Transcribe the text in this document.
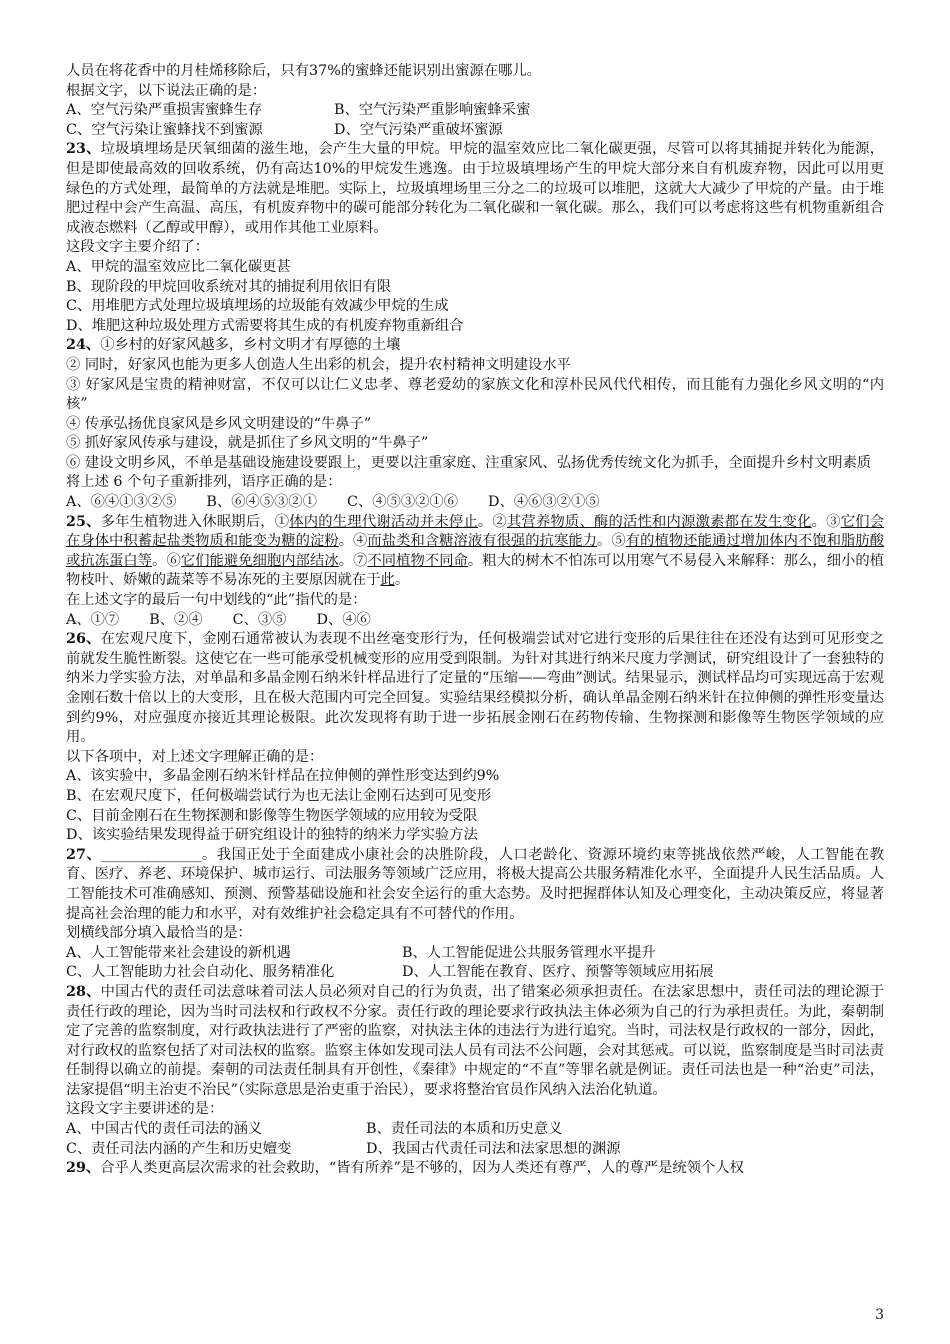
人员在将花香中的月桂烯移除后，只有37%的蜜蜂还能识别出蜜源在哪儿。
根据文字，以下说法正确的是：
A、空气污染严重损害蜜蜂生存	B、空气污染严重影响蜜蜂采蜜
C、空气污染让蜜蜂找不到蜜源	D、空气污染严重破坏蜜源
23、垃圾填埋场是厌氧细菌的滋生地，会产生大量的甲烷。甲烷的温室效应比二氧化碳更强，尽管可以将其捕捉并转化为能源，但是即使最高效的回收系统，仍有高达10%的甲烷发生逃逸。由于垃圾填埋场产生的甲烷大部分来自有机废弃物，因此可以用更绿色的方式处理，最简单的方法就是堆肥。实际上，垃圾填埋场里三分之二的垃圾可以堆肥，这就大大减少了甲烷的产量。由于堆肥过程中会产生高温、高压，有机废弃物中的碳可能部分转化为二氧化碳和一氧化碳。那么，我们可以考虑将这些有机物重新组合成液态燃料（乙醇或甲醇），或用作其他工业原料。
这段文字主要介绍了：
A、甲烷的温室效应比二氧化碳更甚
B、现阶段的甲烷回收系统对其的捕捉利用依旧有限
C、用堆肥方式处理垃圾填埋场的垃圾能有效减少甲烷的生成
D、堆肥这种垃圾处理方式需要将其生成的有机废弃物重新组合
24、①乡村的好家风越多，乡村文明才有厚德的土壤
② 同时，好家风也能为更多人创造人生出彩的机会，提升农村精神文明建设水平
③ 好家风是宝贵的精神财富，不仅可以让仁义忠孝、尊老爱幼的家族文化和淳朴民风代代相传，而且能有力强化乡风文明的“内核”
④ 传承弘扬优良家风是乡风文明建设的“牛鼻子”
⑤ 抓好家风传承与建设，就是抓住了乡风文明的“牛鼻子”
⑥ 建设文明乡风，不单是基础设施建设要跟上，更要以注重家庭、注重家风、弘扬优秀传统文化为抓手，全面提升乡村文明素质
将上述 6 个句子重新排列，语序正确的是：
A、⑥④①③②⑤ B、⑥④⑤③②① C、④⑤③②①⑥ D、④⑥③②①⑤
25、多年生植物进入休眠期后，①体内的生理代谢活动并未停止。②其营养物质、酶的活性和内源激素都在发生变化。③它们会在身体中积蓄起盐类物质和能变为糖的淀粉。④而盐类和含糖溶液有很强的抗寒能力。⑤有的植物还能通过增加体内不饱和脂肪酸或抗冻蛋白等。⑥它们能避免细胞内部结冰。⑦不同植物不同命。粗大的树木不怕冻可以用寒气不易侵入来解释：那么，细小的植物枝叶、娇嫩的蔬菜等不易冻死的主要原因就在于此。
在上述文字的最后一句中划线的“此”指代的是：
A、①⑦ B、②④ C、③⑤ D、④⑥
26、在宏观尺度下，金刚石通常被认为表现不出丝毫变形行为，任何极端尝试对它进行变形的后果往往在还没有达到可见形变之前就发生脆性断裂。这使它在一些可能承受机械变形的应用受到限制。为针对其进行纳米尺度力学测试，研究组设计了一套独特的纳米力学实验方法，对单晶和多晶金刚石纳米针样品进行了定量的“压缩——弯曲”测试。结果显示，测试样品均可实现远高于宏观金刚石数十倍以上的大变形，且在极大范围内可完全回复。实验结果经模拟分析，确认单晶金刚石纳米针在拉伸侧的弹性形变量达到约9%，对应强度亦接近其理论极限。此次发现将有助于进一步拓展金刚石在药物传输、生物探测和影像等生物医学领域的应用。
以下各项中，对上述文字理解正确的是：
A、该实验中，多晶金刚石纳米针样品在拉伸侧的弹性形变达到约9%
B、在宏观尺度下，任何极端尝试行为也无法让金刚石达到可见变形
C、目前金刚石在生物探测和影像等生物医学领域的应用较为受限
D、该实验结果发现得益于研究组设计的独特的纳米力学实验方法
27、______________。我国正处于全面建成小康社会的决胜阶段，人口老龄化、资源环境约束等挑战依然严峻，人工智能在教育、医疗、养老、环境保护、城市运行、司法服务等领域广泛应用，将极大提高公共服务精准化水平，全面提升人民生活品质。人工智能技术可准确感知、预测、预警基础设施和社会安全运行的重大态势。及时把握群体认知及心理变化，主动决策反应，将显著提高社会治理的能力和水平，对有效维护社会稳定具有不可替代的作用。
划横线部分填入最恰当的是：
A、人工智能带来社会建设的新机遇	B、人工智能促进公共服务管理水平提升
C、人工智能助力社会自动化、服务精准化	D、人工智能在教育、医疗、预警等领域应用拓展
28、中国古代的责任司法意味着司法人员必须对自己的行为负责，出了错案必须承担责任。在法家思想中，责任司法的理论源于责任行政的理论，因为当时司法权和行政权不分家。责任行政的理论要求行政执法主体必须为自己的行为承担责任。为此，秦朝制定了完善的监察制度，对行政执法进行了严密的监察，对执法主体的违法行为进行追究。当时，司法权是行政权的一部分，因此，对行政权的监察包括了对司法权的监察。监察主体如发现司法人员有司法不公问题，会对其惩戒。可以说，监察制度是当时司法责任制得以确立的前提。秦朝的司法责任制具有开创性，《秦律》中规定的“不直”等罪名就是例证。责任司法也是一种“治吏”司法，法家提倡“明主治吏不治民”（实际意思是治吏重于治民），要求将整治官员作风纳入法治化轨道。
这段文字主要讲述的是：
A、中国古代的责任司法的涵义	B、责任司法的本质和历史意义
C、责任司法内涵的产生和历史嬗变	D、我国古代责任司法和法家思想的渊源
29、合乎人类更高层次需求的社会救助，“皆有所养”是不够的，因为人类还有尊严，人的尊严是统领个人权
3
